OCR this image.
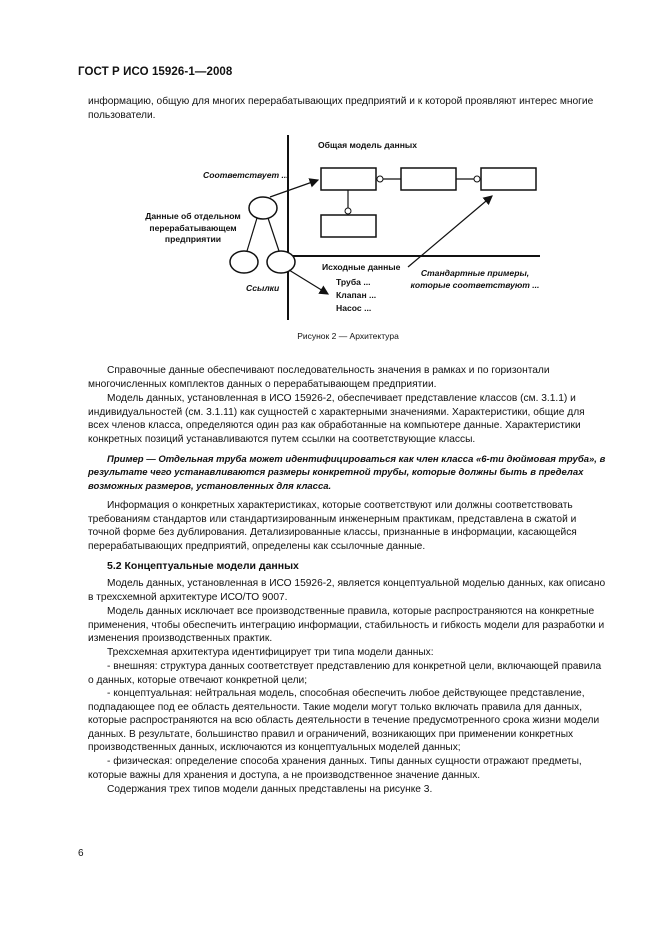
ГОСТ Р ИСО 15926-1—2008

информацию, общую для многих перерабатывающих предприятий и к которой проявляют интерес многие пользователи.

Общая модель данных
Соответствует ...
Данные об отдельном перерабатывающем предприятии
Ссылки
Исходные данные
Труба ...
Клапан ...
Насос ...
Стандартные примеры, которые соответствуют ...
Рисунок 2 — Архитектура

Справочные данные обеспечивают последовательность значения в рамках и по горизонтали многочисленных комплектов данных о перерабатывающем предприятии.

Модель данных, установленная в ИСО 15926-2, обеспечивает представление классов (см. 3.1.1) и индивидуальностей (см. 3.1.11) как сущностей с характерными значениями. Характеристики, общие для всех членов класса, определяются один раз как обработанные на компьютере данные. Характеристики конкретных позиций устанавливаются путем ссылки на соответствующие классы.

Пример — Отдельная труба может идентифицироваться как член класса «6-ти дюймовая труба», в результате чего устанавливаются размеры конкретной трубы, которые должны быть в пределах возможных размеров, установленных для класса.

Информация о конкретных характеристиках, которые соответствуют или должны соответствовать требованиям стандартов или стандартизированным инженерным практикам, представлена в сжатой и точной форме без дублирования. Детализированные классы, признанные в информации, касающейся перерабатывающих предприятий, определены как ссылочные данные.

5.2 Концептуальные модели данных

Модель данных, установленная в ИСО 15926-2, является концептуальной моделью данных, как описано в трехсхемной архитектуре ИСО/ТО 9007.

Модель данных исключает все производственные правила, которые распространяются на конкретные применения, чтобы обеспечить интеграцию информации, стабильность и гибкость модели для разработки и изменения производственных практик.

Трехсхемная архитектура идентифицирует три типа модели данных:

- внешняя: структура данных соответствует представлению для конкретной цели, включающей правила о данных, которые отвечают конкретной цели;

- концептуальная: нейтральная модель, способная обеспечить любое действующее представление, подпадающее под ее область деятельности. Такие модели могут только включать правила для данных, которые распространяются на всю область деятельности в течение предусмотренного срока жизни модели данных. В результате, большинство правил и ограничений, возникающих при применении конкретных производственных данных, исключаются из концептуальных моделей данных;

- физическая: определение способа хранения данных. Типы данных сущности отражают предметы, которые важны для хранения и доступа, а не производственное значение данных.

Содержания трех типов модели данных представлены на рисунке 3.

6
